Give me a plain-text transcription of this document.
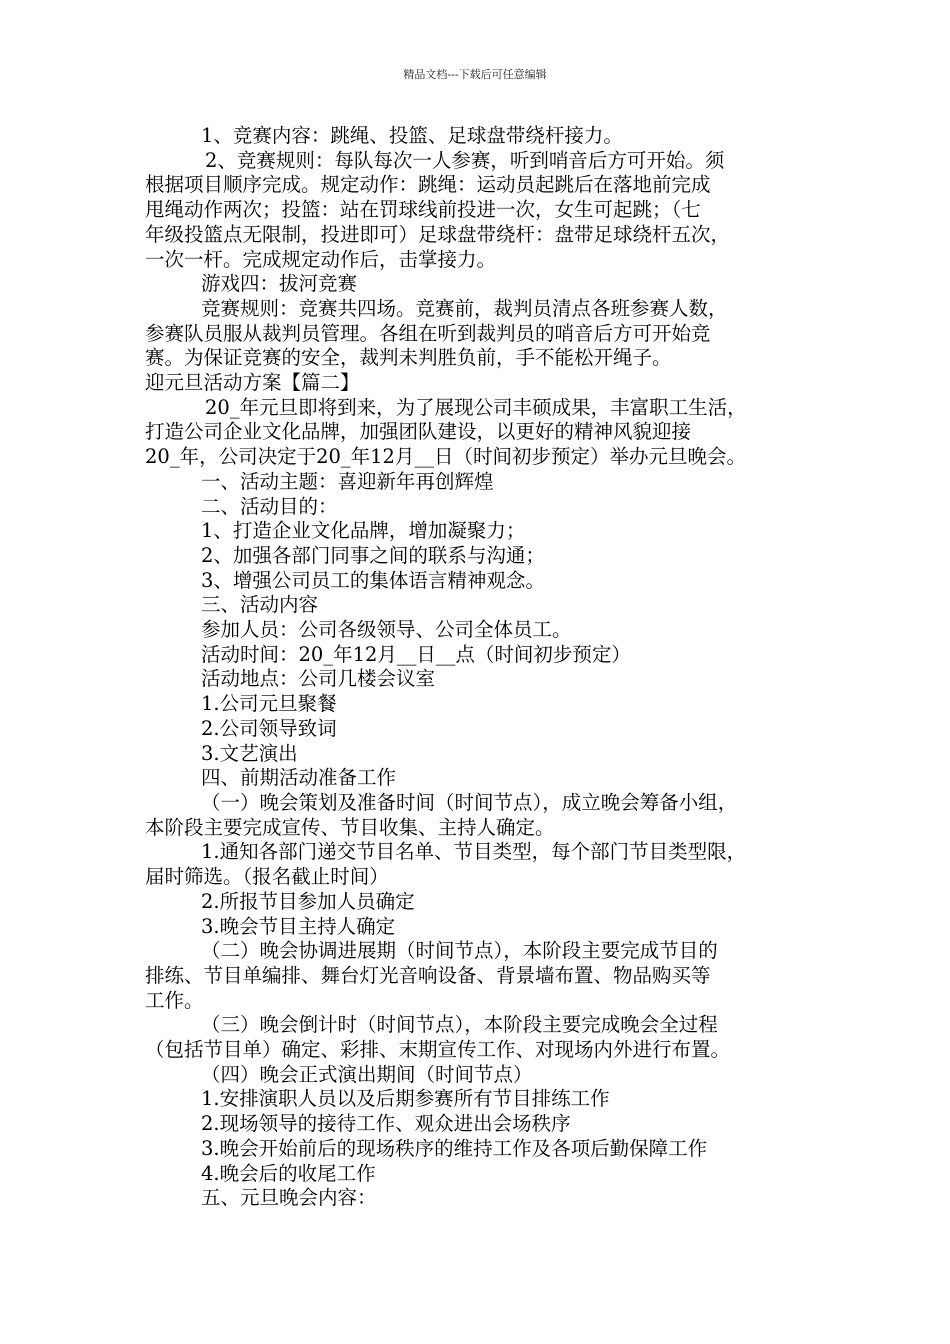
精品文档---下载后可任意编辑

1、竞赛内容：跳绳、投篮、足球盘带绕杆接力。

2、竞赛规则：每队每次一人参赛，听到哨音后方可开始。须

根据项目顺序完成。规定动作：跳绳：运动员起跳后在落地前完成

甩绳动作两次；投篮：站在罚球线前投进一次，女生可起跳；（七

年级投篮点无限制，投进即可）足球盘带绕杆：盘带足球绕杆五次，

一次一杆。完成规定动作后，击掌接力。

游戏四：拔河竞赛

竞赛规则：竞赛共四场。竞赛前，裁判员清点各班参赛人数，

参赛队员服从裁判员管理。各组在听到裁判员的哨音后方可开始竞

赛。为保证竞赛的安全，裁判未判胜负前，手不能松开绳子。

迎元旦活动方案【篇二】

20_年元旦即将到来，为了展现公司丰硕成果，丰富职工生活，

打造公司企业文化品牌，加强团队建设，以更好的精神风貌迎接

20_年，公司决定于20_年12月__日（时间初步预定）举办元旦晚会。

一、活动主题：喜迎新年再创辉煌

二、活动目的：

1、打造企业文化品牌，增加凝聚力；

2、加强各部门同事之间的联系与沟通；

3、增强公司员工的集体语言精神观念。

三、活动内容

参加人员：公司各级领导、公司全体员工。

活动时间：20_年12月__日__点（时间初步预定）

活动地点：公司几楼会议室

1.公司元旦聚餐

2.公司领导致词

3.文艺演出

四、前期活动准备工作

（一）晚会策划及准备时间（时间节点），成立晚会筹备小组，

本阶段主要完成宣传、节目收集、主持人确定。

1.通知各部门递交节目名单、节目类型，每个部门节目类型限，

届时筛选。（报名截止时间）

2.所报节目参加人员确定

3.晚会节目主持人确定

（二）晚会协调进展期（时间节点），本阶段主要完成节目的

排练、节目单编排、舞台灯光音响设备、背景墙布置、物品购买等

工作。

（三）晚会倒计时（时间节点），本阶段主要完成晚会全过程

（包括节目单）确定、彩排、末期宣传工作、对现场内外进行布置。

（四）晚会正式演出期间（时间节点）

1.安排演职人员以及后期参赛所有节目排练工作

2.现场领导的接待工作、观众进出会场秩序

3.晚会开始前后的现场秩序的维持工作及各项后勤保障工作

4.晚会后的收尾工作

五、元旦晚会内容：
